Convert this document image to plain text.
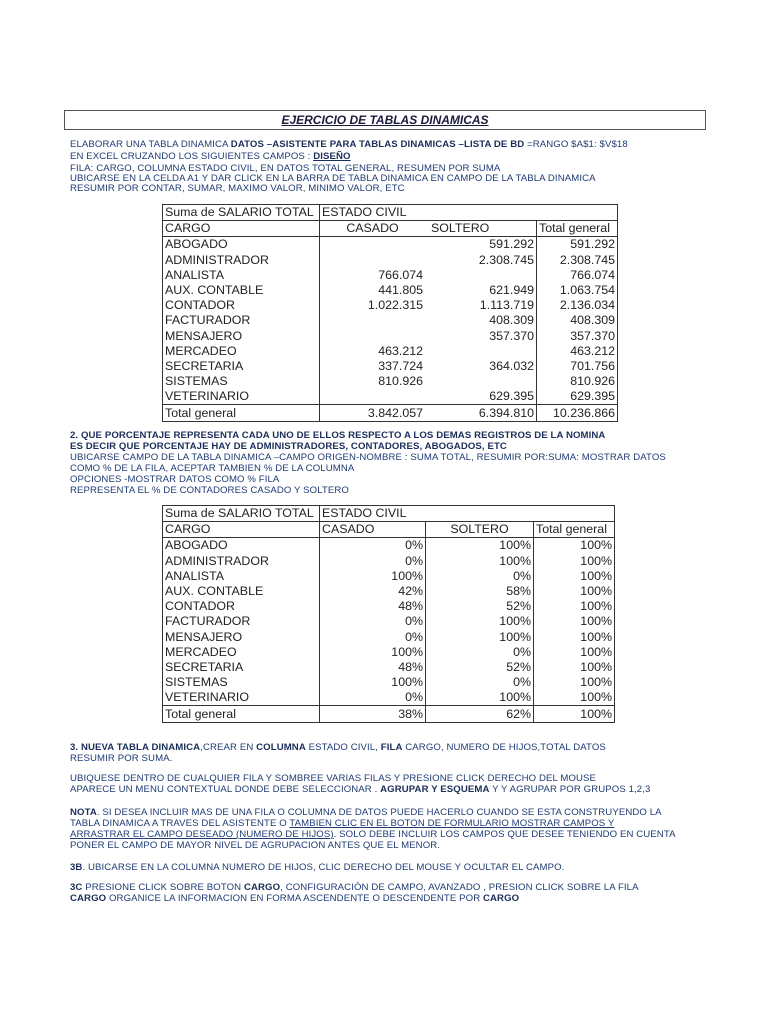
EJERCICIO DE TABLAS DINAMICAS
ELABORAR UNA TABLA DINAMICA DATOS –ASISTENTE PARA TABLAS DINAMICAS –LISTA DE BD =RANGO $A$1: $V$18
EN EXCEL CRUZANDO LOS SIGUIENTES CAMPOS : DISEÑO
FILA: CARGO, COLUMNA ESTADO CIVIL, EN DATOS TOTAL GENERAL, RESUMEN POR SUMA
UBICARSE EN LA CELDA A1 Y DAR CLICK EN LA BARRA DE TABLA DINAMICA EN CAMPO DE LA TABLA DINAMICA
RESUMIR POR CONTAR, SUMAR, MAXIMO VALOR, MINIMO VALOR, ETC
Suma de SALARIO TOTAL	ESTADO CIVIL		
CARGO	CASADO	SOLTERO	Total general
ABOGADO		591.292	591.292
ADMINISTRADOR		2.308.745	2.308.745
ANALISTA	766.074		766.074
AUX. CONTABLE	441.805	621.949	1.063.754
CONTADOR	1.022.315	1.113.719	2.136.034
FACTURADOR		408.309	408.309
MENSAJERO		357.370	357.370
MERCADEO	463.212		463.212
SECRETARIA	337.724	364.032	701.756
SISTEMAS	810.926		810.926
VETERINARIO		629.395	629.395
Total general	3.842.057	6.394.810	10.236.866
2. QUE PORCENTAJE REPRESENTA CADA UNO DE ELLOS RESPECTO A LOS DEMAS REGISTROS DE LA NOMINA
ES DECIR QUE PORCENTAJE HAY DE ADMINISTRADORES, CONTADORES, ABOGADOS, ETC
UBICARSE CAMPO DE LA TABLA DINAMICA –CAMPO ORIGEN-NOMBRE : SUMA TOTAL, RESUMIR POR:SUMA: MOSTRAR DATOS
COMO % DE LA FILA, ACEPTAR TAMBIEN % DE LA COLUMNA
OPCIONES -MOSTRAR DATOS COMO % FILA
REPRESENTA EL % DE CONTADORES CASADO Y SOLTERO
Suma de SALARIO TOTAL	ESTADO CIVIL		
CARGO	CASADO	SOLTERO	Total general
ABOGADO	0%	100%	100%
ADMINISTRADOR	0%	100%	100%
ANALISTA	100%	0%	100%
AUX. CONTABLE	42%	58%	100%
CONTADOR	48%	52%	100%
FACTURADOR	0%	100%	100%
MENSAJERO	0%	100%	100%
MERCADEO	100%	0%	100%
SECRETARIA	48%	52%	100%
SISTEMAS	100%	0%	100%
VETERINARIO	0%	100%	100%
Total general	38%	62%	100%
3. NUEVA TABLA DINAMICA,CREAR EN COLUMNA ESTADO CIVIL, FILA CARGO, NUMERO DE HIJOS,TOTAL DATOS
RESUMIR POR SUMA.
UBIQUESE DENTRO DE CUALQUIER FILA Y SOMBREE VARIAS FILAS Y PRESIONE CLICK DERECHO DEL MOUSE
APARECE UN MENU CONTEXTUAL DONDE DEBE SELECCIONAR . AGRUPAR Y ESQUEMA Y Y AGRUPAR POR GRUPOS 1,2,3
NOTA. SI DESEA INCLUIR MAS DE UNA FILA O COLUMNA DE DATOS PUEDE HACERLO CUANDO SE ESTA CONSTRUYENDO LA
TABLA DINAMICA A TRAVES DEL ASISTENTE O TAMBIEN CLIC EN EL BOTON DE FORMULARIO MOSTRAR CAMPOS Y
ARRASTRAR EL CAMPO DESEADO (NUMERO DE HIJOS). SOLO DEBE INCLUIR LOS CAMPOS QUE DESEE TENIENDO EN CUENTA
PONER EL CAMPO DE MAYOR NIVEL DE AGRUPACION ANTES QUE EL MENOR.
3B. UBICARSE EN LA COLUMNA NUMERO DE HIJOS, CLIC DERECHO DEL MOUSE Y OCULTAR EL CAMPO.
3C PRESIONE CLICK SOBRE BOTON CARGO, CONFIGURACIÓN DE CAMPO, AVANZADO , PRESION CLICK SOBRE LA FILA
CARGO ORGANICE LA INFORMACION EN FORMA ASCENDENTE O DESCENDENTE POR CARGO
